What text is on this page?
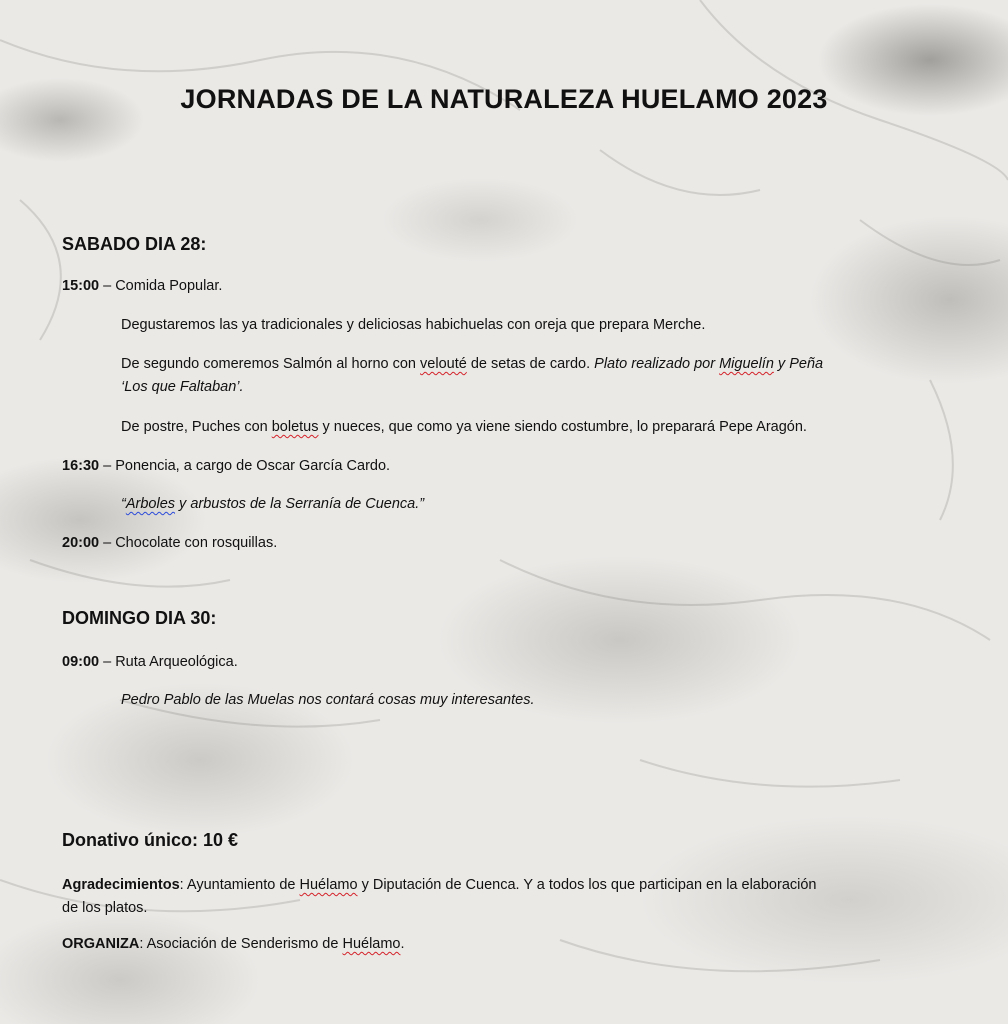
JORNADAS DE LA NATURALEZA HUELAMO 2023
SABADO DIA 28:

15:00 – Comida Popular.

Degustaremos las ya tradicionales y deliciosas habichuelas con oreja que prepara Merche.

De segundo comeremos Salmón al horno con velouté de setas de cardo. Plato realizado por Miguelín y Peña
‘Los que Faltaban’.

De postre, Puches con boletus y nueces, que como ya viene siendo costumbre, lo preparará Pepe Aragón.

16:30 – Ponencia, a cargo de Oscar García Cardo.

“Arboles y arbustos de la Serranía de Cuenca.”

20:00 – Chocolate con rosquillas.

DOMINGO DIA 30:

09:00 – Ruta Arqueológica.

Pedro Pablo de las Muelas nos contará cosas muy interesantes.

Donativo único: 10 €

Agradecimientos: Ayuntamiento de Huélamo y Diputación de Cuenca. Y a todos los que participan en la elaboración
de los platos.

ORGANIZA: Asociación de Senderismo de Huélamo.
